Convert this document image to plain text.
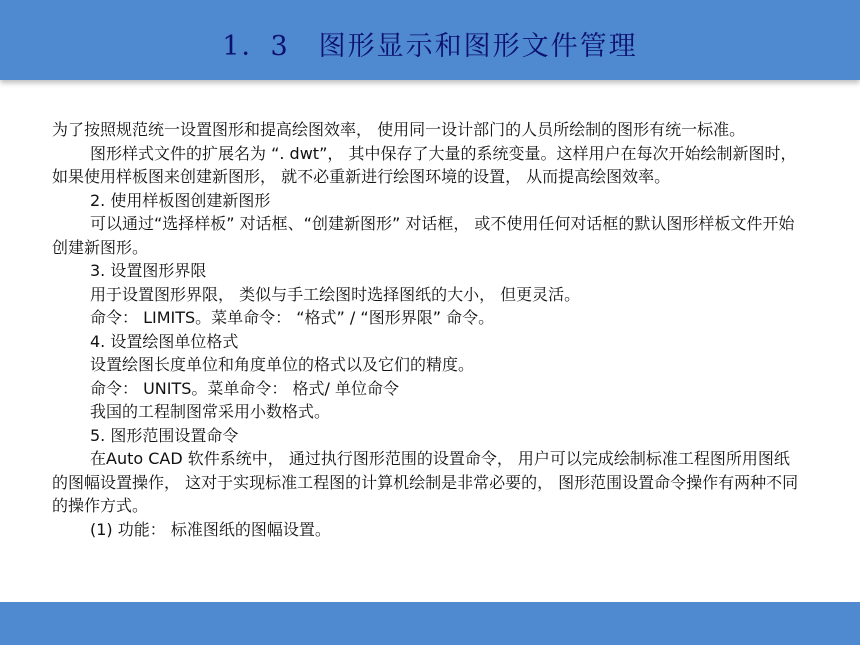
1．3　图形显示和图形文件管理

为了按照规范统一设置图形和提高绘图效率， 使用同一设计部门的人员所绘制的图形有统一标准。

图形样式文件的扩展名为 “. dwt”， 其中保存了大量的系统变量。这样用户在每次开始绘制新图时， 如果使用样板图来创建新图形， 就不必重新进行绘图环境的设置， 从而提高绘图效率。

2. 使用样板图创建新图形

可以通过“选择样板” 对话框、“创建新图形” 对话框， 或不使用任何对话框的默认图形样板文件开始创建新图形。

3. 设置图形界限

用于设置图形界限， 类似与手工绘图时选择图纸的大小， 但更灵活。

命令： LIMITS。菜单命令： “格式” / “图形界限” 命令。

4. 设置绘图单位格式

设置绘图长度单位和角度单位的格式以及它们的精度。

命令： UNITS。菜单命令： 格式/ 单位命令

我国的工程制图常采用小数格式。

5. 图形范围设置命令

在Auto CAD 软件系统中， 通过执行图形范围的设置命令， 用户可以完成绘制标准工程图所用图纸的图幅设置操作， 这对于实现标准工程图的计算机绘制是非常必要的， 图形范围设置命令操作有两种不同的操作方式。

(1) 功能： 标准图纸的图幅设置。
